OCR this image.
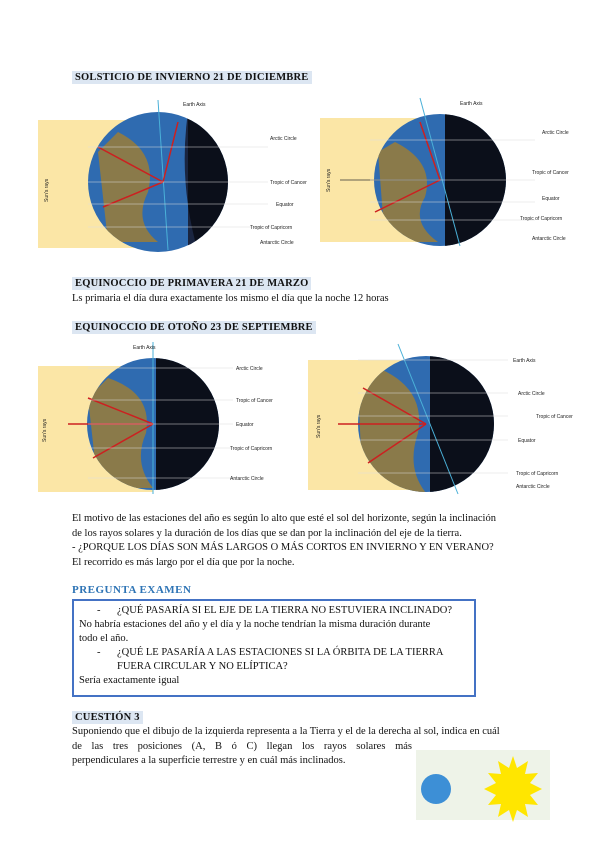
SOLSTICIO DE INVIERNO 21 DE DICIEMBRE
Earth Axis
Arctic Circle
Tropic of Cancer
Equator
Tropic of Capricorn
Antarctic Circle
Sun's rays
Earth Axis
Arctic Circle
Tropic of Cancer
Equator
Tropic of Capricorn
Antarctic Circle
Sun's rays
EQUINOCCIO DE PRIMAVERA 21 DE MARZO
Ls primaria el día dura exactamente los mismo el día que la noche 12 horas
EQUINOCCIO DE OTOÑO 23 DE SEPTIEMBRE
Earth Axis
Arctic Circle
Tropic of Cancer
Equator
Tropic of Capricorn
Antarctic Circle
Sun's rays
Earth Axis
Arctic Circle
Tropic of Cancer
Equator
Tropic of Capricorn
Antarctic Circle
Sun's rays
El motivo de las estaciones del año es según lo alto que esté el sol del horizonte, según la inclinación
de los rayos solares y la duración de los días que se dan por la inclinación del eje de la tierra.
- ¿PORQUE LOS DÍAS SON MÁS LARGOS O MÁS CORTOS EN INVIERNO Y EN VERANO?
El recorrido es más largo por el día que por la noche.
PREGUNTA EXAMEN
- ¿QUÉ PASARÍA SI EL EJE DE LA TIERRA NO ESTUVIERA INCLINADO?
No habría estaciones del año y el día y la noche tendrían la misma duración durante
todo el año.
- ¿QUÉ LE PASARÍA A LAS ESTACIONES SI LA ÓRBITA DE LA TIERRA
FUERA CIRCULAR Y NO ELÍPTICA?
Sería exactamente igual
CUESTIÓN 3
Suponiendo que el dibujo de la izquierda representa a la Tierra y el de la derecha al sol, indica en cuál
de las tres posiciones (A, B ó C) llegan los rayos solares más
perpendiculares a la superficie terrestre y en cuál más inclinados.
